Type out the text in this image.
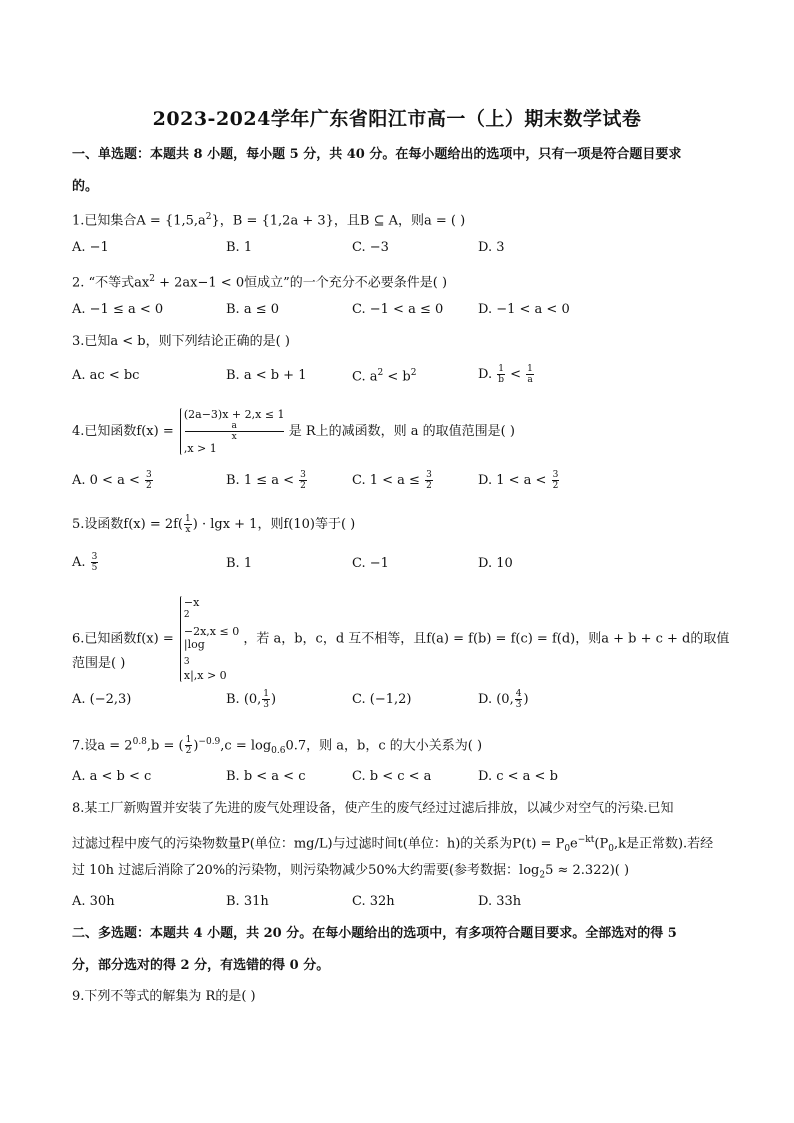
2023-2024学年广东省阳江市高一（上）期末数学试卷
一、单选题：本题共 8 小题，每小题 5 分，共 40 分。在每小题给出的选项中，只有一项是符合题目要求
的。
1.已知集合$A = \{1,5,a^2\}$，B = {1,2a + 3}，且B ⊆ A，则a = ( )
A. −1	B. 1	C. −3	D. 3
2. “不等式$ax^2 + 2ax-1 < 0$恒成立”的一个充分不必要条件是( )
A. −1 ≤ a < 0	B. a ≤ 0	C. −1 < a ≤ 0	D. −1 < a < 0
3.已知a < b，则下列结论正确的是( )
A. ac < bc	B. a < b + 1	C. $a^2 < b^2$	D. $\frac{1}{b} < \frac{1}{a}$
4.已知函数f(x) =
(2a−3)x + 2,x ≤ 1
a
x
,x > 1
是 R上的减函数，则 a 的取值范围是( )
A. $0 < a < \frac{3}{2}$	B. $1 \le a < \frac{3}{2}$	C. $1 < a \le \frac{3}{2}$	D. $1 < a < \frac{3}{2}$
5.设函数$f(x) = 2f( \frac{1}{x}$ ) · lgx + 1，则f(10)等于( )
A. $\frac{3}{5}$	B. 1	C. −1	D. 10
6.已知函数f(x) =
−x
$^2$
−2x,x ≤ 0
|log
$_3$
x|,x > 0
，若 a，b，c，d 互不相等，且f(a) = f(b) = f(c) = f(d)，则a + b + c + d的取值
范围是( )
A. (−2,3)	B. (0, $\frac{1}{3}$ )	C. (−1,2)	D. (0, $\frac{4}{3}$ )
7.设$a = 2^{0.8},b$ = ( $\frac{1}{2} )^{-0.9},c = \log_{0.6}0.7$，则 a，b，c 的大小关系为( )
A. a < b < c	B. b < a < c	C. b < c < a	D. c < a < b
8.某工厂新购置并安装了先进的废气处理设备，使产生的废气经过过滤后排放，以减少对空气的污染.已知
过滤过程中废气的污染物数量P(单位：mg/L)与过滤时间t(单位：h)的关系为$P(t) = P_0e^{-kt}(P_0,k$是正常数).若经
过 10h 过滤后消除了20%的污染物，则污染物减少50%大约需要(参考数据：$\log_25 \approx 2.322$)( )
A. 30h	B. 31h	C. 32h	D. 33h
二、多选题：本题共 4 小题，共 20 分。在每小题给出的选项中，有多项符合题目要求。全部选对的得 5
分，部分选对的得 2 分，有选错的得 0 分。
9.下列不等式的解集为 R的是( )
